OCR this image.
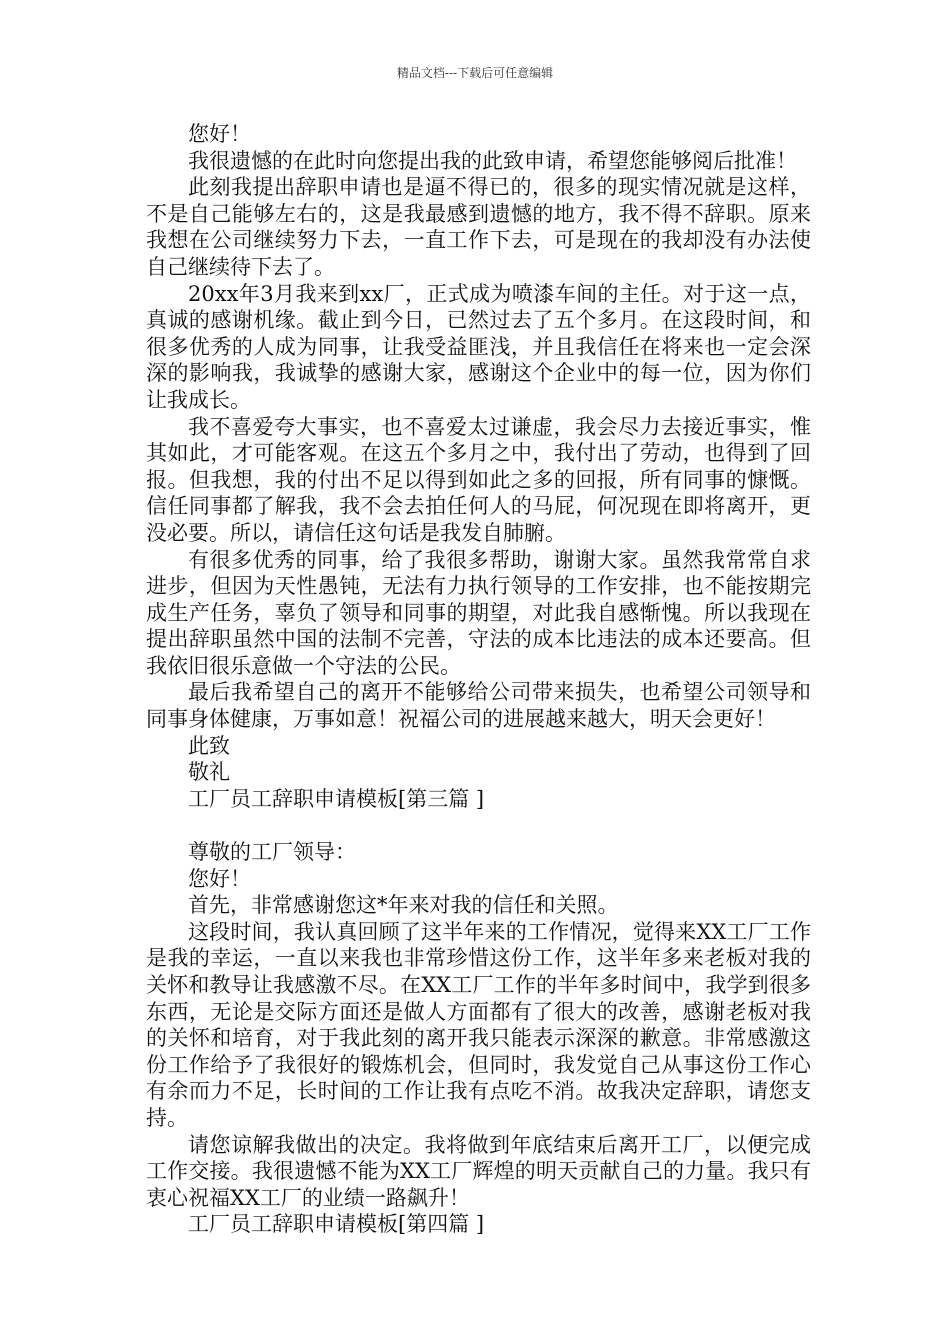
精品文档---下载后可任意编辑
您好！
我很遗憾的在此时向您提出我的此致申请，希望您能够阅后批准！
此刻我提出辞职申请也是逼不得已的，很多的现实情况就是这样，不是自己能够左右的，这是我最感到遗憾的地方，我不得不辞职。原来我想在公司继续努力下去，一直工作下去，可是现在的我却没有办法使自己继续待下去了。
20xx年3月我来到xx厂，正式成为喷漆车间的主任。对于这一点，真诚的感谢机缘。截止到今日，已然过去了五个多月。在这段时间，和很多优秀的人成为同事，让我受益匪浅，并且我信任在将来也一定会深深的影响我，我诚挚的感谢大家，感谢这个企业中的每一位，因为你们让我成长。
我不喜爱夸大事实，也不喜爱太过谦虚，我会尽力去接近事实，惟其如此，才可能客观。在这五个多月之中，我付出了劳动，也得到了回报。但我想，我的付出不足以得到如此之多的回报，所有同事的慷慨。信任同事都了解我，我不会去拍任何人的马屁，何况现在即将离开，更没必要。所以，请信任这句话是我发自肺腑。
有很多优秀的同事，给了我很多帮助，谢谢大家。虽然我常常自求进步，但因为天性愚钝，无法有力执行领导的工作安排，也不能按期完成生产任务，辜负了领导和同事的期望，对此我自感惭愧。所以我现在提出辞职虽然中国的法制不完善，守法的成本比违法的成本还要高。但我依旧很乐意做一个守法的公民。
最后我希望自己的离开不能够给公司带来损失，也希望公司领导和同事身体健康，万事如意！祝福公司的进展越来越大，明天会更好！
此致
敬礼
工厂员工辞职申请模板[第三篇 ]
尊敬的工厂领导：
您好！
首先，非常感谢您这*年来对我的信任和关照。
这段时间，我认真回顾了这半年来的工作情况，觉得来XX工厂工作是我的幸运，一直以来我也非常珍惜这份工作，这半年多来老板对我的关怀和教导让我感激不尽。在XX工厂工作的半年多时间中，我学到很多东西，无论是交际方面还是做人方面都有了很大的改善，感谢老板对我的关怀和培育，对于我此刻的离开我只能表示深深的歉意。非常感激这份工作给予了我很好的锻炼机会，但同时，我发觉自己从事这份工作心有余而力不足，长时间的工作让我有点吃不消。故我决定辞职，请您支持。
请您谅解我做出的决定。我将做到年底结束后离开工厂，以便完成工作交接。我很遗憾不能为XX工厂辉煌的明天贡献自己的力量。我只有衷心祝福XX工厂的业绩一路飙升！
工厂员工辞职申请模板[第四篇 ]
